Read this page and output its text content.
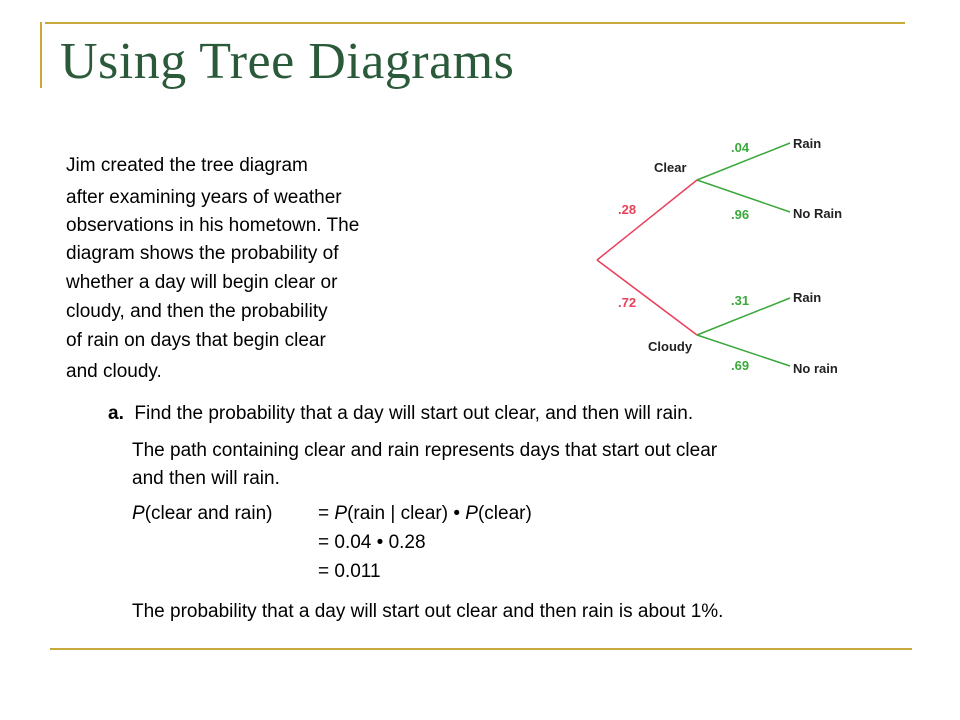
Using Tree Diagrams
Jim created the tree diagram
after examining years of weather
observations in his hometown. The
diagram shows the probability of
whether a day will begin clear or
cloudy, and then the probability
of rain on days that begin clear
and cloudy.
.28
.72
Clear
Cloudy
.04
.96
.31
.69
Rain
No Rain
Rain
No rain
a. Find the probability that a day will start out clear, and then will rain.
The path containing clear and rain represents days that start out clear
and then will rain.
P(clear and rain) = P(rain | clear) • P(clear)
= 0.04 • 0.28
= 0.011
The probability that a day will start out clear and then rain is about 1%.
